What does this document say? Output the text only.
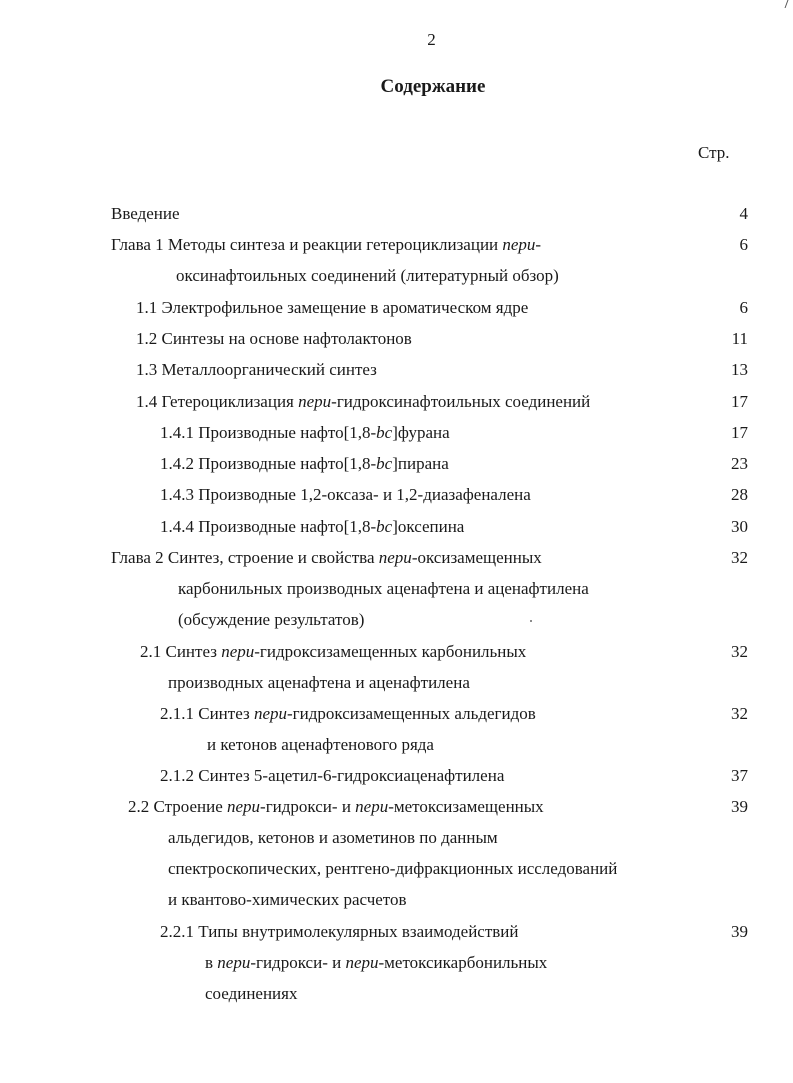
2
Содержание
Стр.
Введение	4
Глава 1 Методы синтеза и реакции гетероциклизации пери-	6
оксинафтоильных соединений (литературный обзор)
1.1 Электрофильное замещение в ароматическом ядре	6
1.2 Синтезы на основе нафтолактонов	11
1.3 Металлоорганический синтез	13
1.4 Гетероциклизация пери-гидроксинафтоильных соединений	17
1.4.1 Производные нафто[1,8-bc]фурана	17
1.4.2 Производные нафто[1,8-bc]пирана	23
1.4.3 Производные 1,2-оксаза- и 1,2-диазафеналена	28
1.4.4 Производные нафто[1,8-bc]оксепина	30
Глава 2 Синтез, строение и свойства пери-оксизамещенных	32
карбонильных производных аценафтена и аценафтилена
(обсуждение результатов)
2.1 Синтез пери-гидроксизамещенных карбонильных	32
производных аценафтена и аценафтилена
2.1.1 Синтез пери-гидроксизамещенных альдегидов	32
и кетонов аценафтенового ряда
2.1.2 Синтез 5-ацетил-6-гидроксиаценафтилена	37
2.2 Строение пери-гидрокси- и пери-метоксизамещенных	39
альдегидов, кетонов и азометинов по данным
спектроскопических, рентгено-дифракционных исследований
и квантово-химических расчетов
2.2.1 Типы внутримолекулярных взаимодействий	39
в пери-гидрокси- и пери-метоксикарбонильных
соединениях
